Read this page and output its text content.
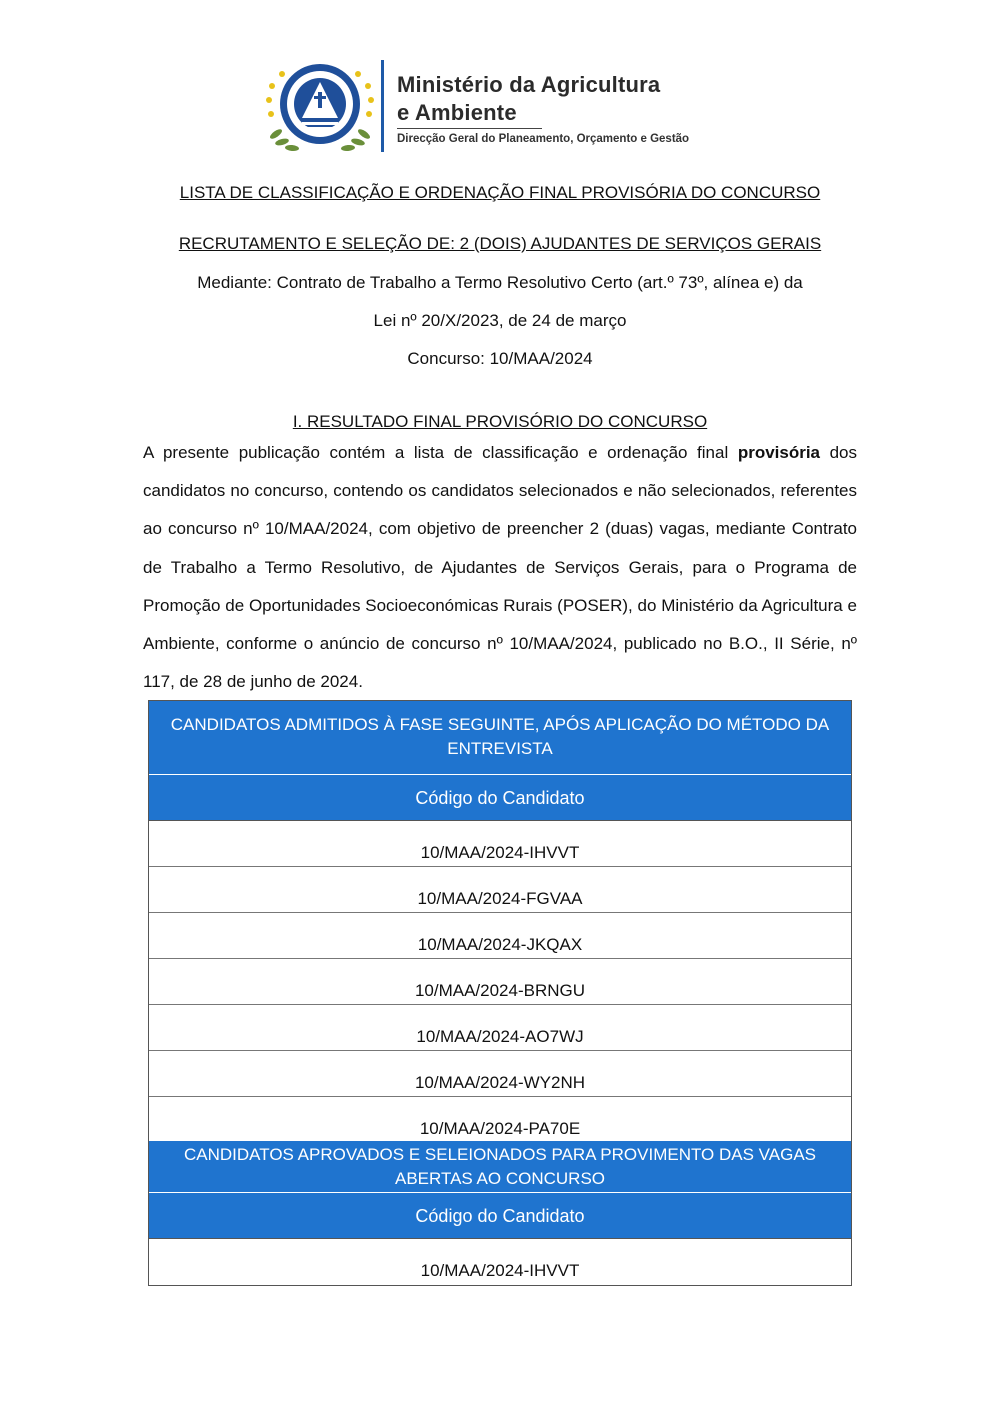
Ministério da Agricultura
e Ambiente
Direcção Geral do Planeamento, Orçamento e Gestão
LISTA DE CLASSIFICAÇÃO E ORDENAÇÃO FINAL PROVISÓRIA DO CONCURSO
RECRUTAMENTO E SELEÇÃO DE: 2 (DOIS) AJUDANTES DE SERVIÇOS GERAIS
Mediante: Contrato de Trabalho a Termo Resolutivo Certo (art.º 73º, alínea e) da
Lei nº 20/X/2023, de 24 de março
Concurso: 10/MAA/2024
I. RESULTADO FINAL PROVISÓRIO DO CONCURSO
A presente publicação contém a lista de classificação e ordenação final provisória dos candidatos no concurso, contendo os candidatos selecionados e não selecionados, referentes ao concurso nº 10/MAA/2024, com objetivo de preencher 2 (duas) vagas, mediante Contrato de Trabalho a Termo Resolutivo, de Ajudantes de Serviços Gerais, para o Programa de Promoção de Oportunidades Socioeconómicas Rurais (POSER), do Ministério da Agricultura e Ambiente, conforme o anúncio de concurso nº 10/MAA/2024, publicado no B.O., II Série, nº 117, de 28 de junho de 2024.
CANDIDATOS ADMITIDOS À FASE SEGUINTE, APÓS APLICAÇÃO DO MÉTODO DA ENTREVISTA
Código do Candidato
10/MAA/2024-IHVVT
10/MAA/2024-FGVAA
10/MAA/2024-JKQAX
10/MAA/2024-BRNGU
10/MAA/2024-AO7WJ
10/MAA/2024-WY2NH
10/MAA/2024-PA70E
CANDIDATOS APROVADOS E SELEIONADOS PARA PROVIMENTO DAS VAGAS ABERTAS AO CONCURSO
Código do Candidato
10/MAA/2024-IHVVT
